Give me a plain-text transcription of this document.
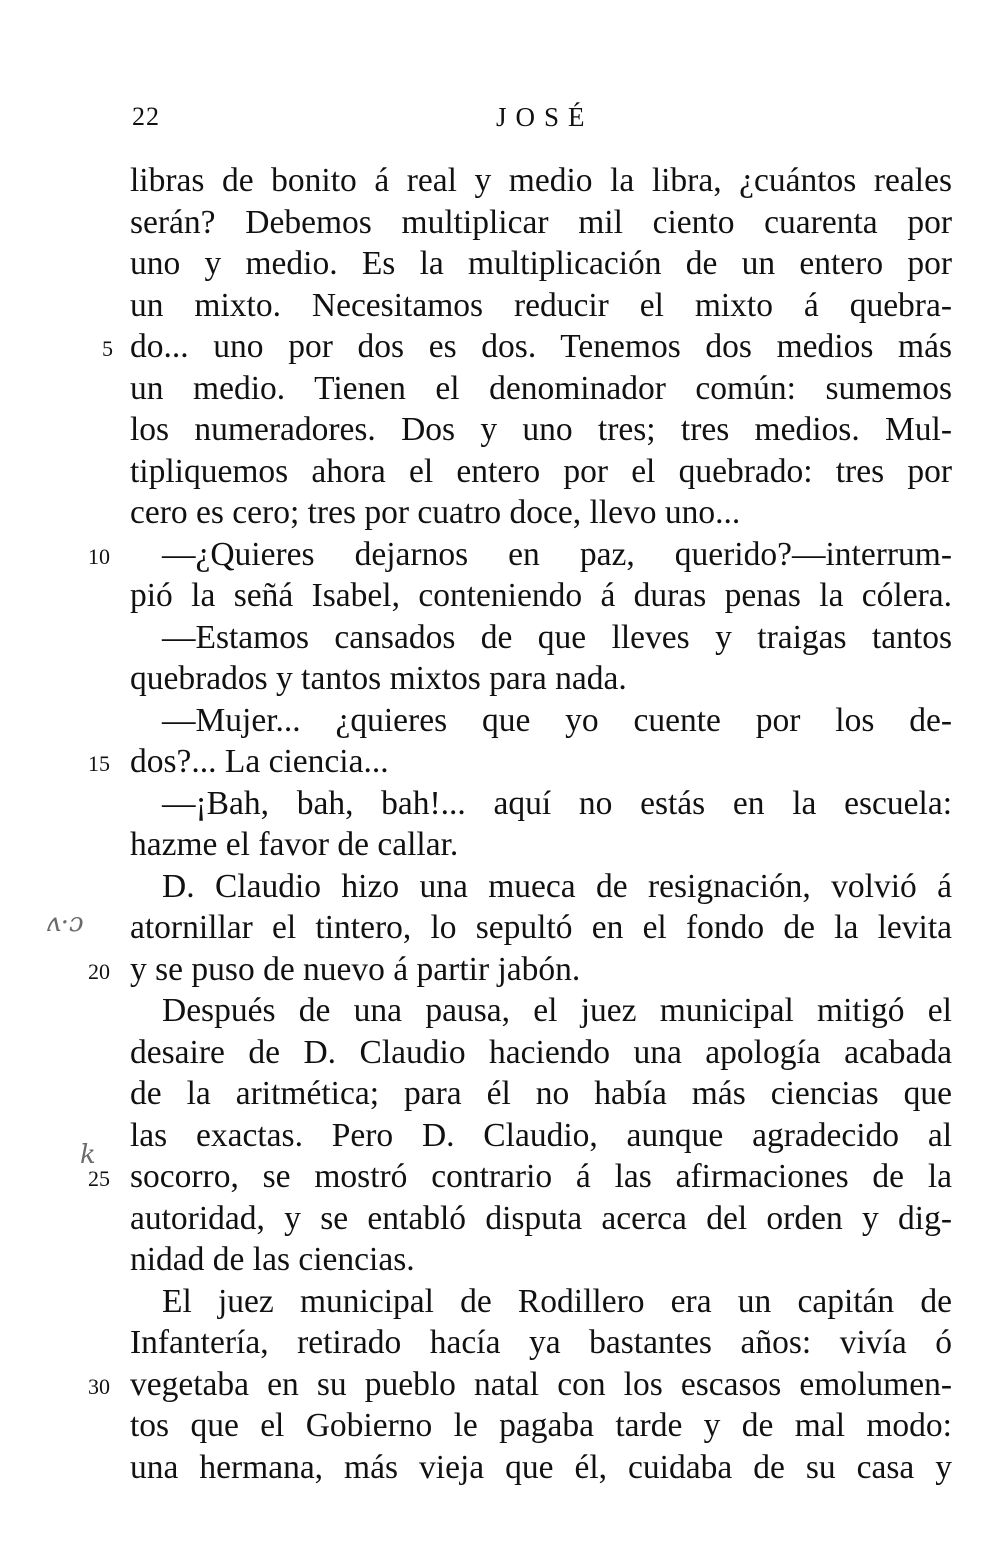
22	JOSÉ
libras de bonito á real y medio la libra, ¿cuántos reales
serán? Debemos multiplicar mil ciento cuarenta por
uno y medio. Es la multiplicación de un entero por
un mixto. Necesitamos reducir el mixto á quebra-
5 do... uno por dos es dos. Tenemos dos medios más
un medio. Tienen el denominador común: sumemos
los numeradores. Dos y uno tres; tres medios. Mul-
tipliquemos ahora el entero por el quebrado: tres por
cero es cero; tres por cuatro doce, llevo uno...
10	—¿Quieres dejarnos en paz, querido?—interrum-
pió la señá Isabel, conteniendo á duras penas la cólera.
—Estamos cansados de que lleves y traigas tantos
quebrados y tantos mixtos para nada.
—Mujer... ¿quieres que yo cuente por los de-
15 dos?... La ciencia...
—¡Bah, bah, bah!... aquí no estás en la escuela:
hazme el favor de callar.
D. Claudio hizo una mueca de resignación, volvió á
atornillar el tintero, lo sepultó en el fondo de la levita
20 y se puso de nuevo á partir jabón.
Después de una pausa, el juez municipal mitigó el
desaire de D. Claudio haciendo una apología acabada
de la aritmética; para él no había más ciencias que
las exactas. Pero D. Claudio, aunque agradecido al
25 socorro, se mostró contrario á las afirmaciones de la
autoridad, y se entabló disputa acerca del orden y dig-
nidad de las ciencias.
El juez municipal de Rodillero era un capitán de
Infantería, retirado hacía ya bastantes años: vivía ó
30 vegetaba en su pueblo natal con los escasos emolumen-
tos que el Gobierno le pagaba tarde y de mal modo:
una hermana, más vieja que él, cuidaba de su casa y
ʌ·ɔ
k
